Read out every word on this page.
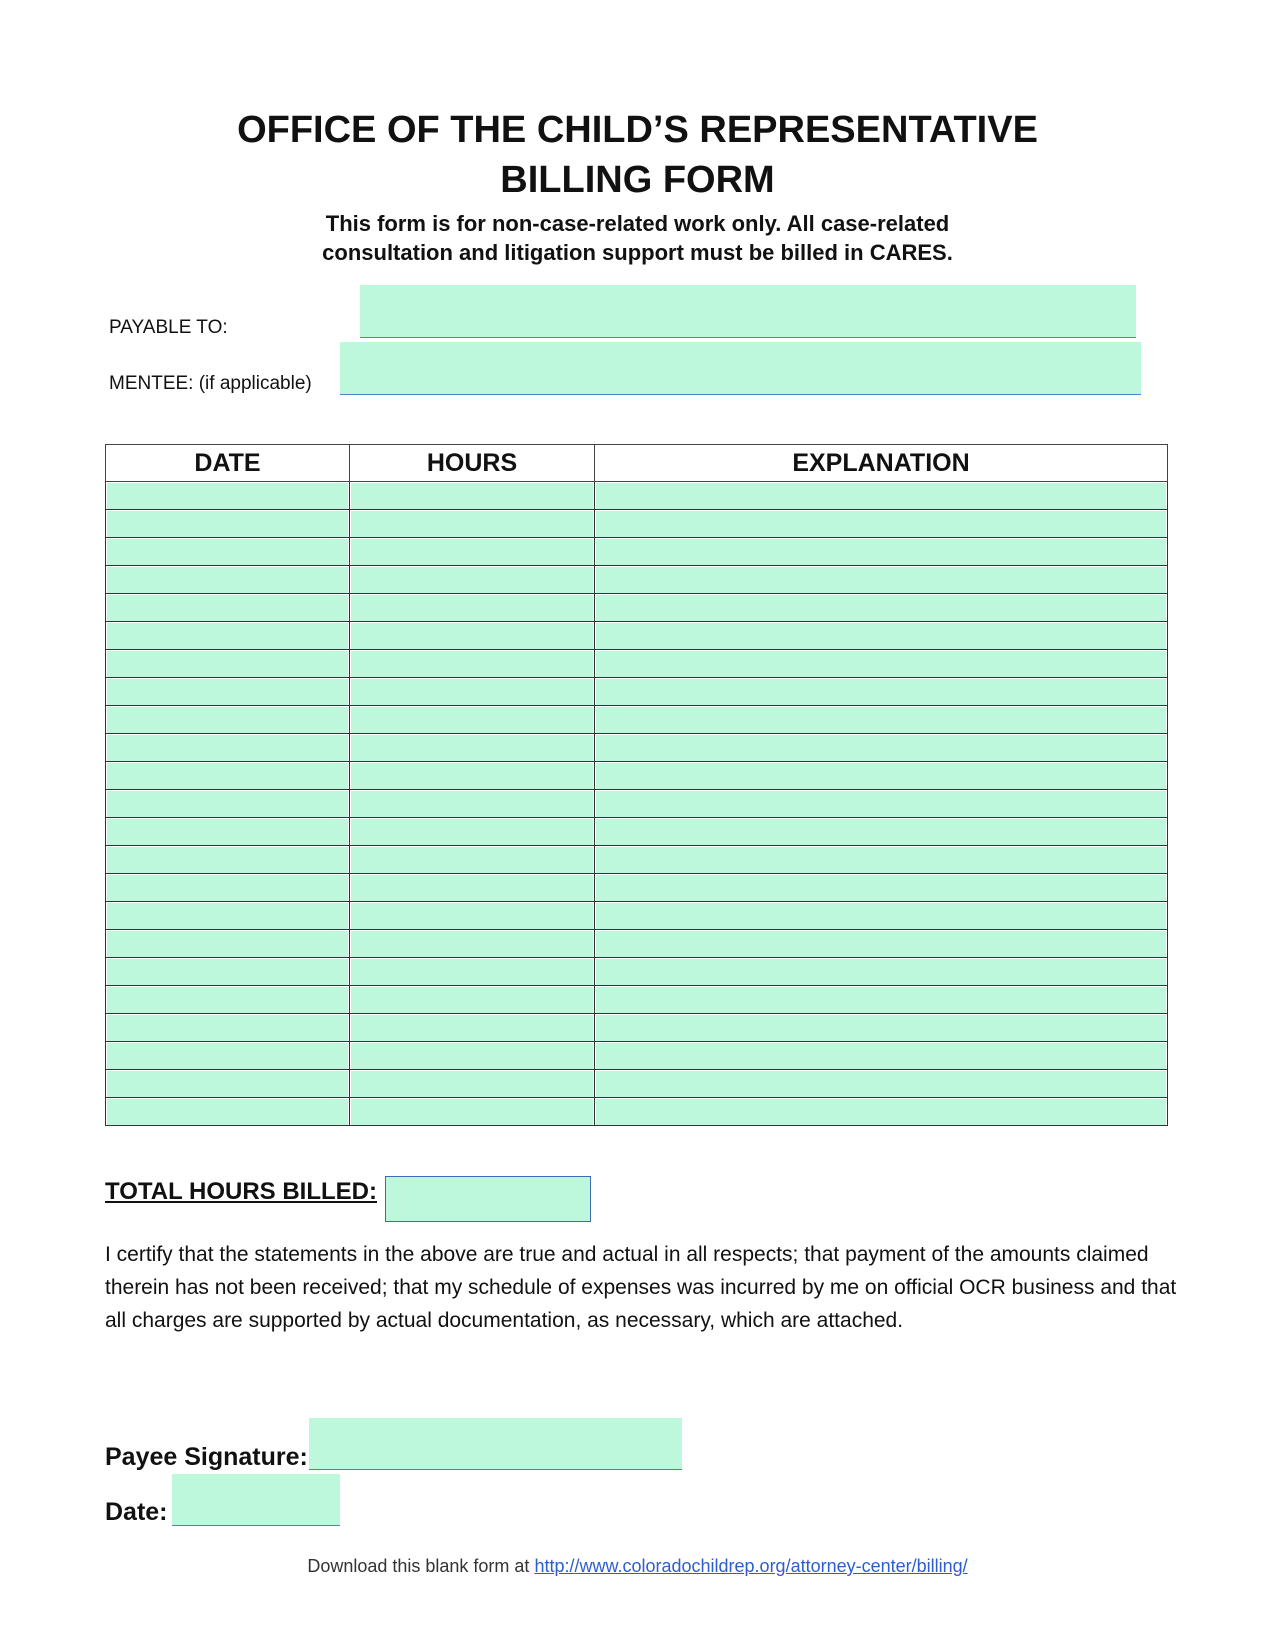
OFFICE OF THE CHILD’S REPRESENTATIVE
BILLING FORM
This form is for non-case-related work only. All case-related
consultation and litigation support must be billed in CARES.
PAYABLE TO:
MENTEE: (if applicable)
DATE	HOURS	EXPLANATION

TOTAL HOURS BILLED:
I certify that the statements in the above are true and actual in all respects; that payment of the amounts claimed therein has not been received; that my schedule of expenses was incurred by me on official OCR business and that all charges are supported by actual documentation, as necessary, which are attached.
Payee Signature:
Date:
Download this blank form at http://www.coloradochildrep.org/attorney-center/billing/
